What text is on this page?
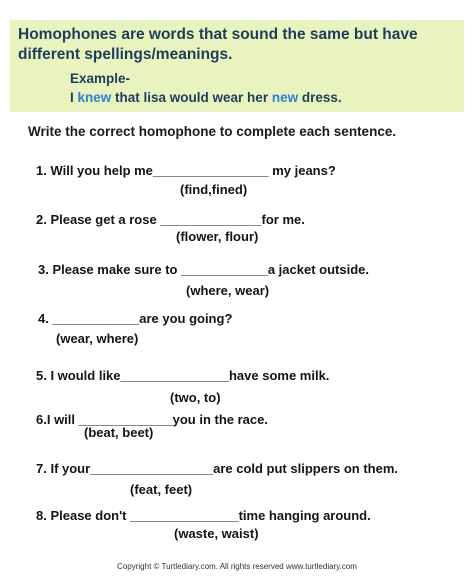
Homophones are words that sound the same but have different spellings/meanings.

Example-
I knew that lisa would wear her new dress.

Write the correct homophone to complete each sentence.

1. Will you help me________________ my jeans?
(find,fined)
2. Please get a rose ______________for me.
(flower, flour)
3. Please make sure to ____________a jacket outside.
(where, wear)
4. ____________are you going?
(wear, where)
5. I would like_______________have some milk.
(two, to)
6.I will _____________you in the race.
(beat, beet)
7. If your_________________are cold put slippers on them.
(feat, feet)
8. Please don't _______________time hanging around.
(waste, waist)
Copyright © Turtlediary.com. All rights reserved www.turtlediary.com
